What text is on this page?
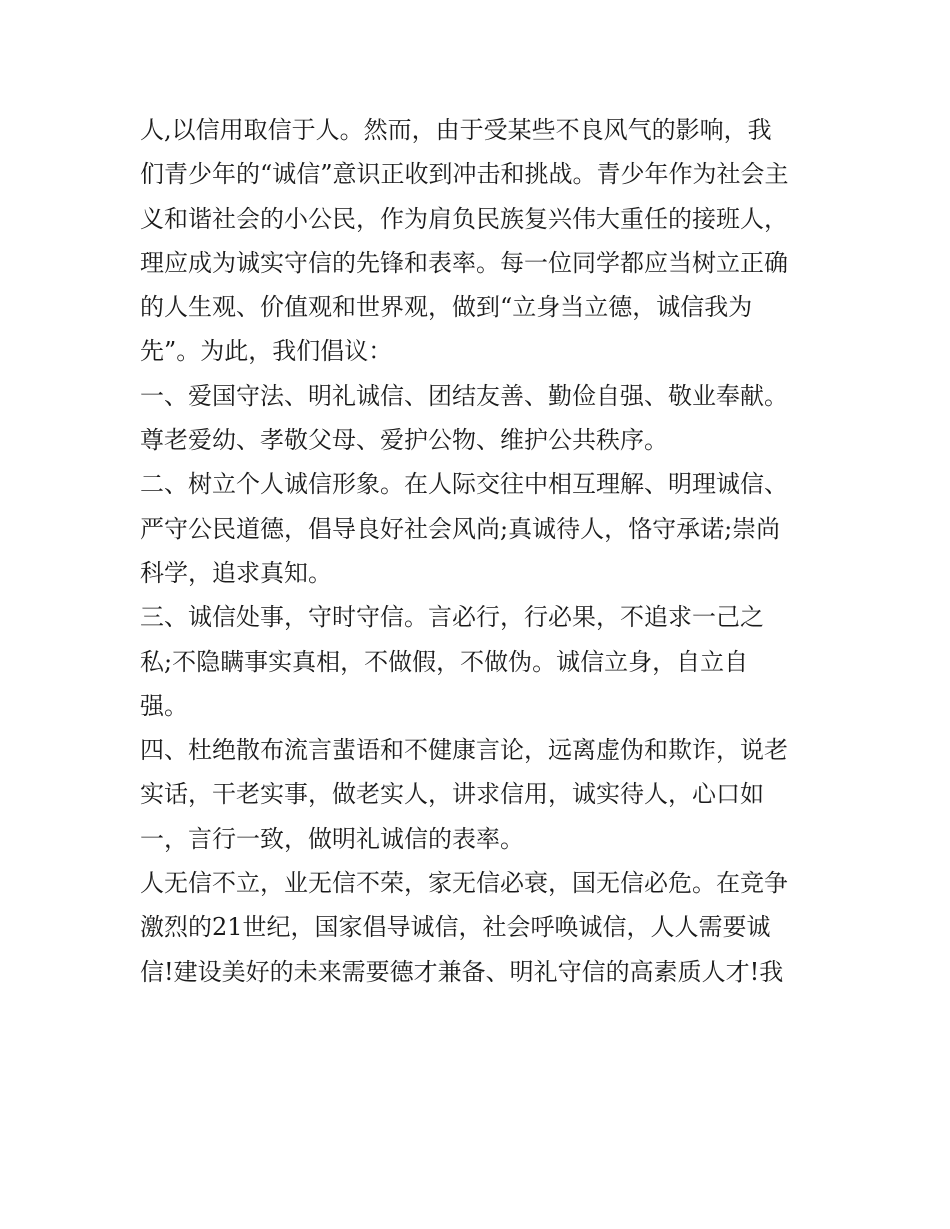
人,以信用取信于人。然而，由于受某些不良风气的影响，我
们青少年的“诚信”意识正收到冲击和挑战。青少年作为社会主
义和谐社会的小公民，作为肩负民族复兴伟大重任的接班人，
理应成为诚实守信的先锋和表率。每一位同学都应当树立正确
的人生观、价值观和世界观，做到“立身当立德，诚信我为
先”。为此，我们倡议：
一、爱国守法、明礼诚信、团结友善、勤俭自强、敬业奉献。
尊老爱幼、孝敬父母、爱护公物、维护公共秩序。
二、树立个人诚信形象。在人际交往中相互理解、明理诚信、
严守公民道德，倡导良好社会风尚;真诚待人，恪守承诺;崇尚
科学，追求真知。
三、诚信处事，守时守信。言必行，行必果，不追求一己之
私;不隐瞒事实真相，不做假，不做伪。诚信立身，自立自
强。
四、杜绝散布流言蜚语和不健康言论，远离虚伪和欺诈，说老
实话，干老实事，做老实人，讲求信用，诚实待人，心口如
一，言行一致，做明礼诚信的表率。
人无信不立，业无信不荣，家无信必衰，国无信必危。在竞争
激烈的21世纪，国家倡导诚信，社会呼唤诚信，人人需要诚
信!建设美好的未来需要德才兼备、明礼守信的高素质人才!我
